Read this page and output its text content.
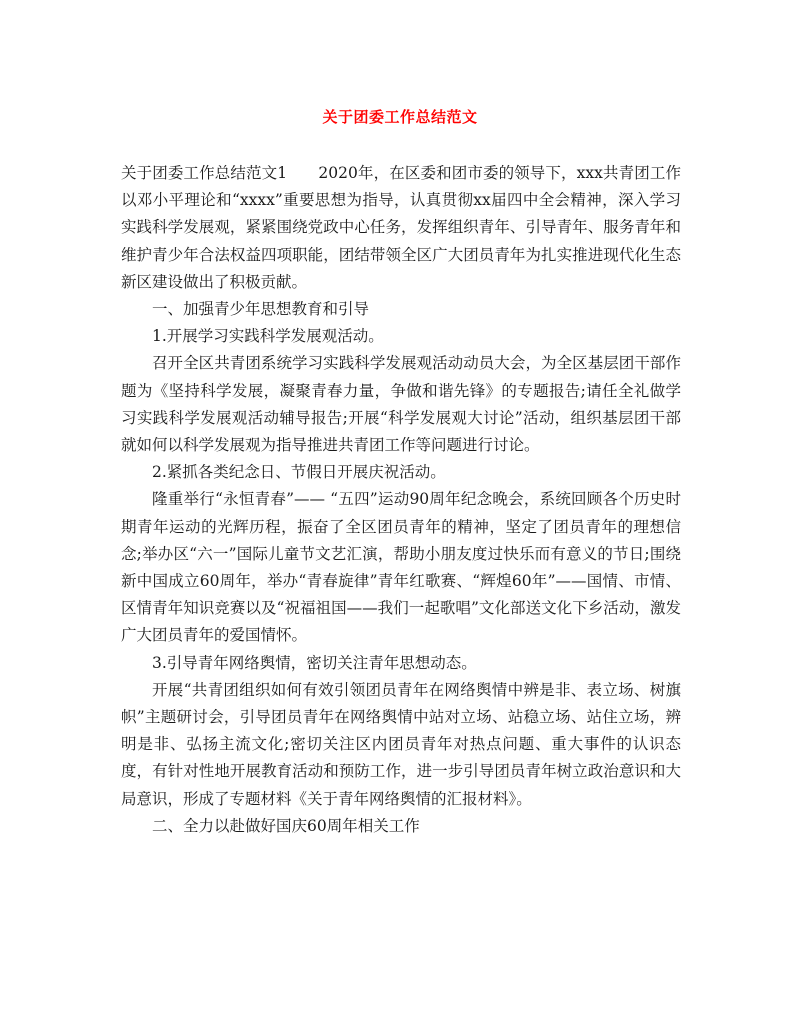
关于团委工作总结范文

关于团委工作总结范文1　　2020年，在区委和团市委的领导下，xxx共青团工作以邓小平理论和“xxxx”重要思想为指导，认真贯彻xx届四中全会精神，深入学习实践科学发展观，紧紧围绕党政中心任务，发挥组织青年、引导青年、服务青年和维护青少年合法权益四项职能，团结带领全区广大团员青年为扎实推进现代化生态新区建设做出了积极贡献。

一、加强青少年思想教育和引导

1.开展学习实践科学发展观活动。

召开全区共青团系统学习实践科学发展观活动动员大会，为全区基层团干部作题为《坚持科学发展，凝聚青春力量，争做和谐先锋》的专题报告;请任全礼做学习实践科学发展观活动辅导报告;开展“科学发展观大讨论”活动，组织基层团干部就如何以科学发展观为指导推进共青团工作等问题进行讨论。

2.紧抓各类纪念日、节假日开展庆祝活动。

隆重举行“永恒青春”—— “五四”运动90周年纪念晚会，系统回顾各个历史时期青年运动的光辉历程，振奋了全区团员青年的精神，坚定了团员青年的理想信念;举办区“六一”国际儿童节文艺汇演，帮助小朋友度过快乐而有意义的节日;围绕新中国成立60周年，举办“青春旋律”青年红歌赛、“辉煌60年”——国情、市情、区情青年知识竞赛以及“祝福祖国——我们一起歌唱”文化部送文化下乡活动，激发广大团员青年的爱国情怀。

3.引导青年网络舆情，密切关注青年思想动态。

开展“共青团组织如何有效引领团员青年在网络舆情中辨是非、表立场、树旗帜”主题研讨会，引导团员青年在网络舆情中站对立场、站稳立场、站住立场，辨明是非、弘扬主流文化;密切关注区内团员青年对热点问题、重大事件的认识态度，有针对性地开展教育活动和预防工作，进一步引导团员青年树立政治意识和大局意识，形成了专题材料《关于青年网络舆情的汇报材料》。

二、全力以赴做好国庆60周年相关工作
